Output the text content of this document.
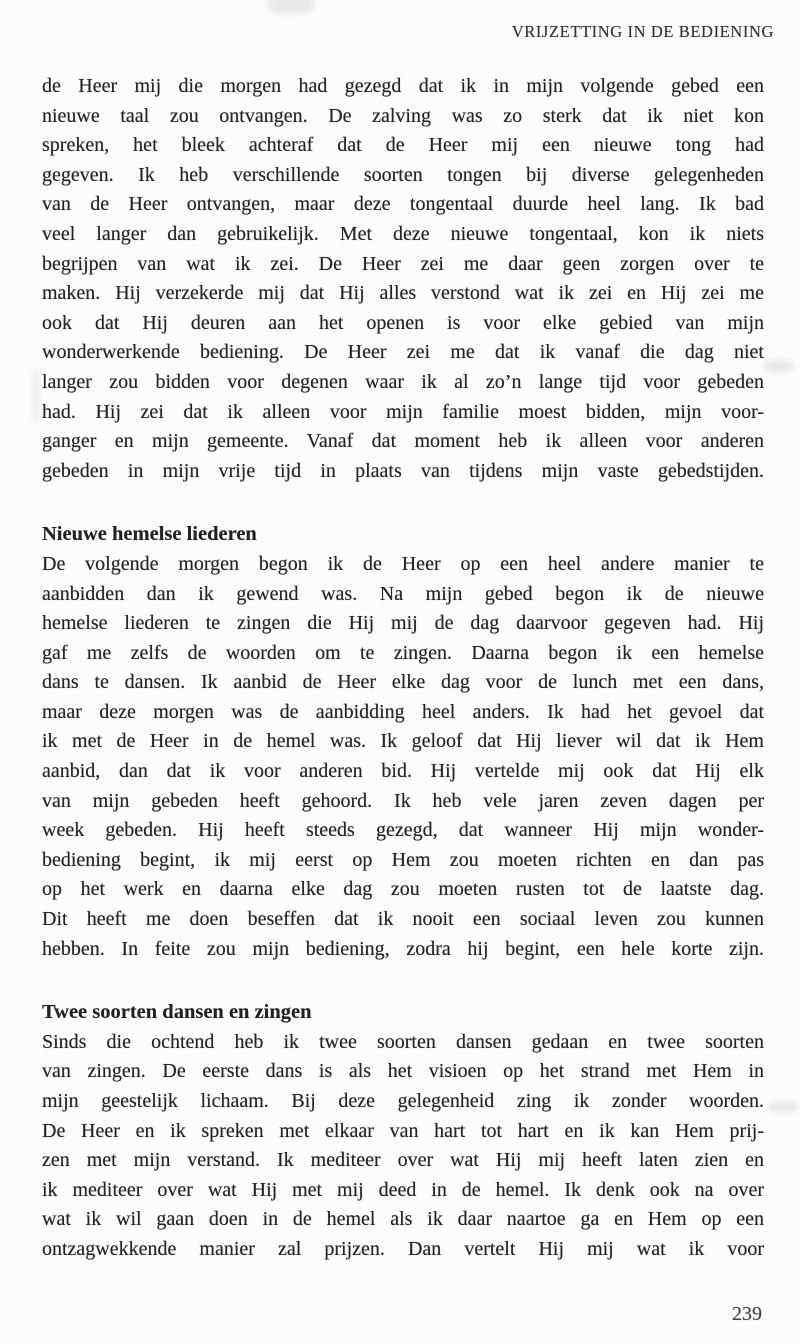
VRIJZETTING IN DE BEDIENING

de Heer mij die morgen had gezegd dat ik in mijn volgende gebed een
nieuwe taal zou ontvangen. De zalving was zo sterk dat ik niet kon
spreken, het bleek achteraf dat de Heer mij een nieuwe tong had
gegeven. Ik heb verschillende soorten tongen bij diverse gelegenheden
van de Heer ontvangen, maar deze tongentaal duurde heel lang. Ik bad
veel langer dan gebruikelijk. Met deze nieuwe tongentaal, kon ik niets
begrijpen van wat ik zei. De Heer zei me daar geen zorgen over te
maken. Hij verzekerde mij dat Hij alles verstond wat ik zei en Hij zei me
ook dat Hij deuren aan het openen is voor elke gebied van mijn
wonderwerkende bediening. De Heer zei me dat ik vanaf die dag niet
langer zou bidden voor degenen waar ik al zo’n lange tijd voor gebeden
had. Hij zei dat ik alleen voor mijn familie moest bidden, mijn voor-
ganger en mijn gemeente. Vanaf dat moment heb ik alleen voor anderen
gebeden in mijn vrije tijd in plaats van tijdens mijn vaste gebedstijden.

Nieuwe hemelse liederen

De volgende morgen begon ik de Heer op een heel andere manier te
aanbidden dan ik gewend was. Na mijn gebed begon ik de nieuwe
hemelse liederen te zingen die Hij mij de dag daarvoor gegeven had. Hij
gaf me zelfs de woorden om te zingen. Daarna begon ik een hemelse
dans te dansen. Ik aanbid de Heer elke dag voor de lunch met een dans,
maar deze morgen was de aanbidding heel anders. Ik had het gevoel dat
ik met de Heer in de hemel was. Ik geloof dat Hij liever wil dat ik Hem
aanbid, dan dat ik voor anderen bid. Hij vertelde mij ook dat Hij elk
van mijn gebeden heeft gehoord. Ik heb vele jaren zeven dagen per
week gebeden. Hij heeft steeds gezegd, dat wanneer Hij mijn wonder-
bediening begint, ik mij eerst op Hem zou moeten richten en dan pas
op het werk en daarna elke dag zou moeten rusten tot de laatste dag.
Dit heeft me doen beseffen dat ik nooit een sociaal leven zou kunnen
hebben. In feite zou mijn bediening, zodra hij begint, een hele korte zijn.

Twee soorten dansen en zingen

Sinds die ochtend heb ik twee soorten dansen gedaan en twee soorten
van zingen. De eerste dans is als het visioen op het strand met Hem in
mijn geestelijk lichaam. Bij deze gelegenheid zing ik zonder woorden.
De Heer en ik spreken met elkaar van hart tot hart en ik kan Hem prij-
zen met mijn verstand. Ik mediteer over wat Hij mij heeft laten zien en
ik mediteer over wat Hij met mij deed in de hemel. Ik denk ook na over
wat ik wil gaan doen in de hemel als ik daar naartoe ga en Hem op een
ontzagwekkende manier zal prijzen. Dan vertelt Hij mij wat ik voor

239
